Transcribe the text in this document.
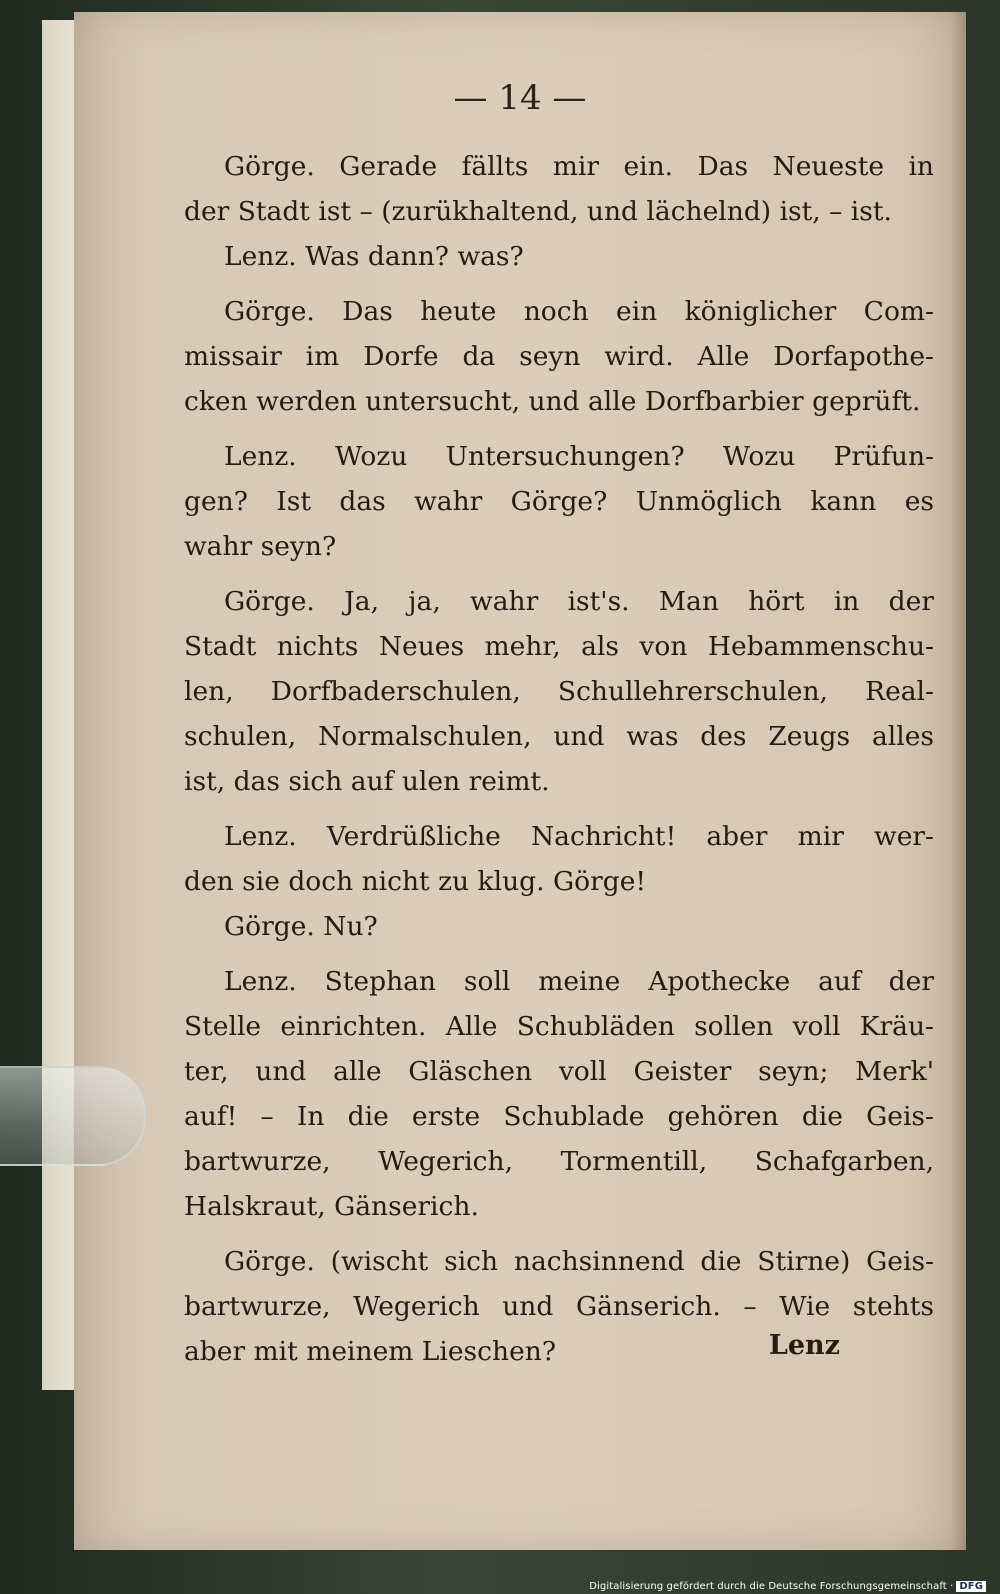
— 14 —
Görge. Gerade fällts mir ein. Das Neueste in
der Stadt ist – (zurükhaltend, und lächelnd) ist, – ist.
Lenz. Was dann? was?
Görge. Das heute noch ein königlicher Com-
missair im Dorfe da seyn wird. Alle Dorfapothe-
cken werden untersucht, und alle Dorfbarbier geprüft.
Lenz. Wozu Untersuchungen? Wozu Prüfun-
gen? Ist das wahr Görge? Unmöglich kann es
wahr seyn?
Görge. Ja, ja, wahr ist's. Man hört in der
Stadt nichts Neues mehr, als von Hebammenschu-
len, Dorfbaderschulen, Schullehrerschulen, Real-
schulen, Normalschulen, und was des Zeugs alles
ist, das sich auf ulen reimt.
Lenz. Verdrüßliche Nachricht! aber mir wer-
den sie doch nicht zu klug. Görge!
Görge. Nu?
Lenz. Stephan soll meine Apothecke auf der
Stelle einrichten. Alle Schubläden sollen voll Kräu-
ter, und alle Gläschen voll Geister seyn; Merk'
auf! – In die erste Schublade gehören die Geis-
bartwurze, Wegerich, Tormentill, Schafgarben,
Halskraut, Gänserich.
Görge. (wischt sich nachsinnend die Stirne) Geis-
bartwurze, Wegerich und Gänserich. – Wie stehts
aber mit meinem Lieschen?	Lenz
Digitalisierung gefördert durch die Deutsche Forschungsgemeinschaft · DFG
